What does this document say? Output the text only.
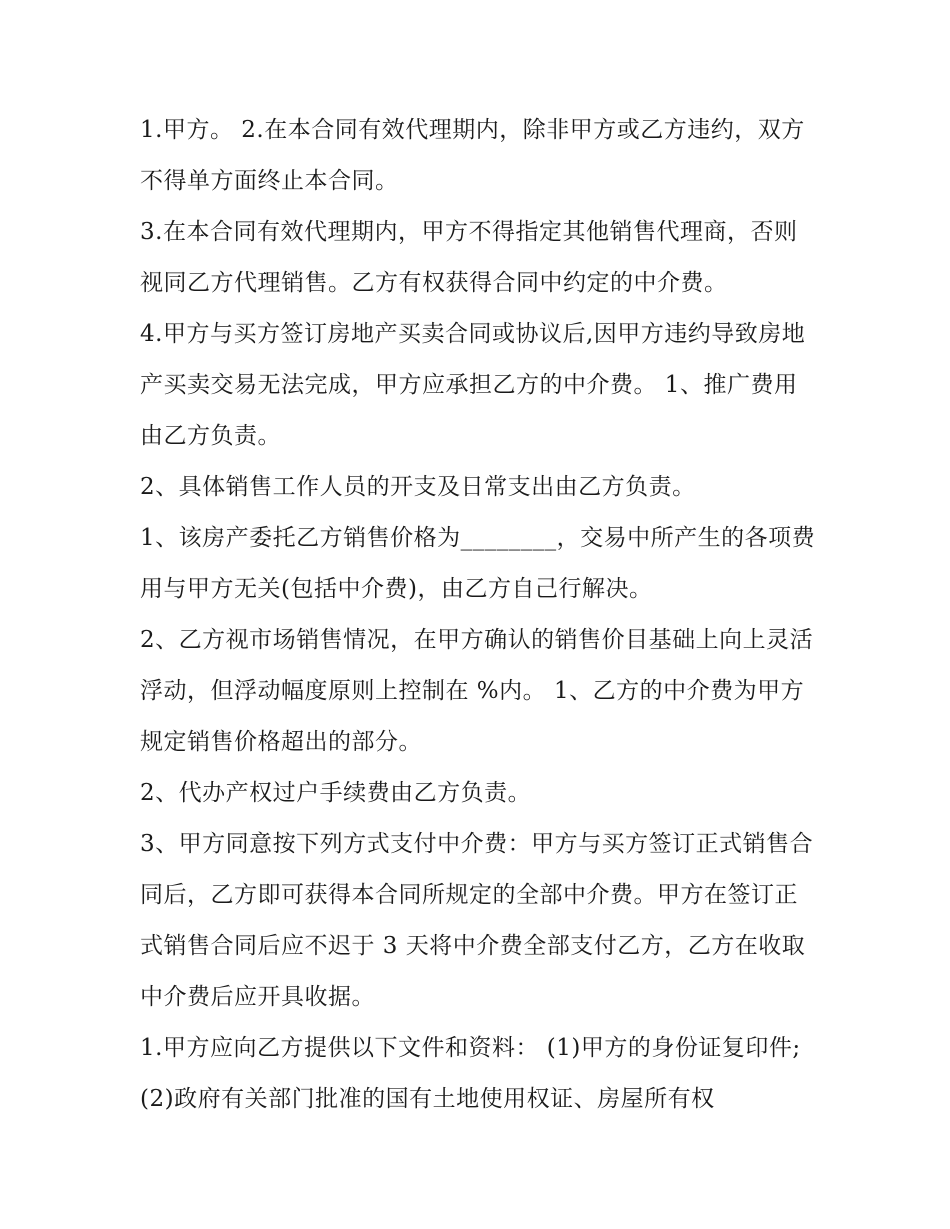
1.甲方。 2.在本合同有效代理期内，除非甲方或乙方违约，双方不得单方面终止本合同。

3.在本合同有效代理期内，甲方不得指定其他销售代理商，否则视同乙方代理销售。乙方有权获得合同中约定的中介费。

4.甲方与买方签订房地产买卖合同或协议后,因甲方违约导致房地产买卖交易无法完成，甲方应承担乙方的中介费。 1、推广费用由乙方负责。

2、具体销售工作人员的开支及日常支出由乙方负责。

1、该房产委托乙方销售价格为________，交易中所产生的各项费用与甲方无关(包括中介费)，由乙方自己行解决。

2、乙方视市场销售情况，在甲方确认的销售价目基础上向上灵活浮动，但浮动幅度原则上控制在 %内。 1、乙方的中介费为甲方规定销售价格超出的部分。

2、代办产权过户手续费由乙方负责。

3、甲方同意按下列方式支付中介费：甲方与买方签订正式销售合同后，乙方即可获得本合同所规定的全部中介费。甲方在签订正式销售合同后应不迟于 3 天将中介费全部支付乙方，乙方在收取中介费后应开具收据。

1.甲方应向乙方提供以下文件和资料： (1)甲方的身份证复印件; (2)政府有关部门批准的国有土地使用权证、房屋所有权
